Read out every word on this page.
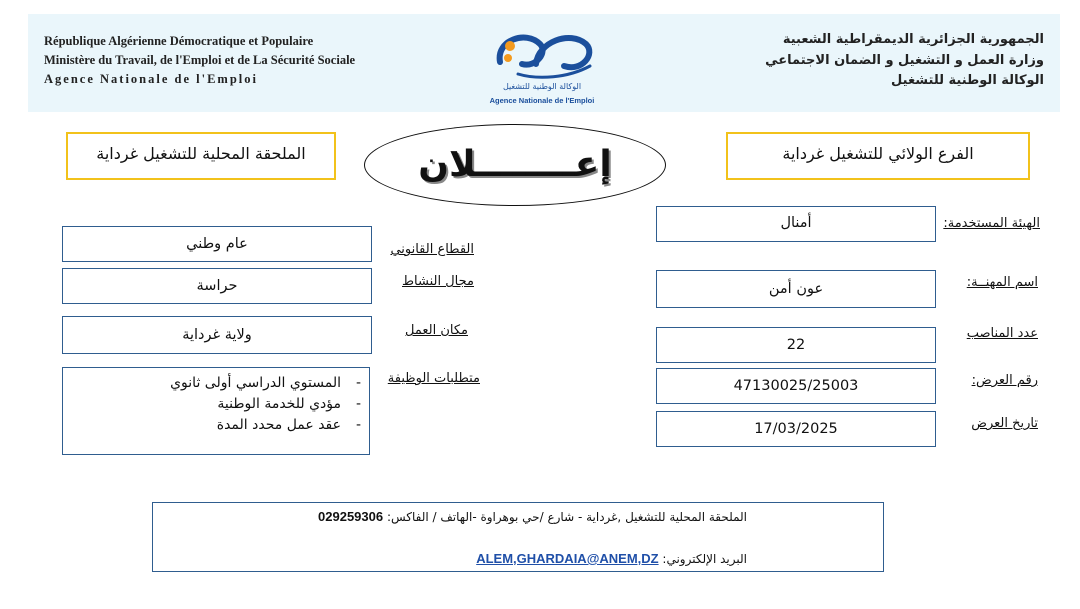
République Algérienne Démocratique et Populaire
Ministère du Travail, de l'Emploi et de La Sécurité Sociale
Agence Nationale de l'Emploi
الجمهورية الجزائرية الديمقراطية الشعبية
وزارة العمل و التشغيل و الضمان الاجتماعي
الوكالة الوطنية للتشغيل
الوكالة الوطنية للتشغيل
Agence Nationale de l'Emploi
الملحقة المحلية للتشغيل غرداية	الفرع الولائي للتشغيل غرداية
إعــــــــلان
الهيئة المستخدمة:
أمنال
اسم المهنــة:
عون أمن
عدد المناصب
22
رقم العرض:
47130025/25003
تاريخ العرض
17/03/2025
عام وطني	القطاع القانوني
حراسة	مجال النشاط
ولاية غرداية	مكان العمل
متطلبات الوظيفة
-
المستوي الدراسي أولى ثانوي
-
مؤدي للخدمة الوطنية
-
عقد عمل محدد المدة
الملحقة المحلية للتشغيل ,غرداية - شارع /حي بوهراوة -الهاتف / الفاكس: 029259306
البريد الإلكتروني: ALEM,GHARDAIA@ANEM,DZ
